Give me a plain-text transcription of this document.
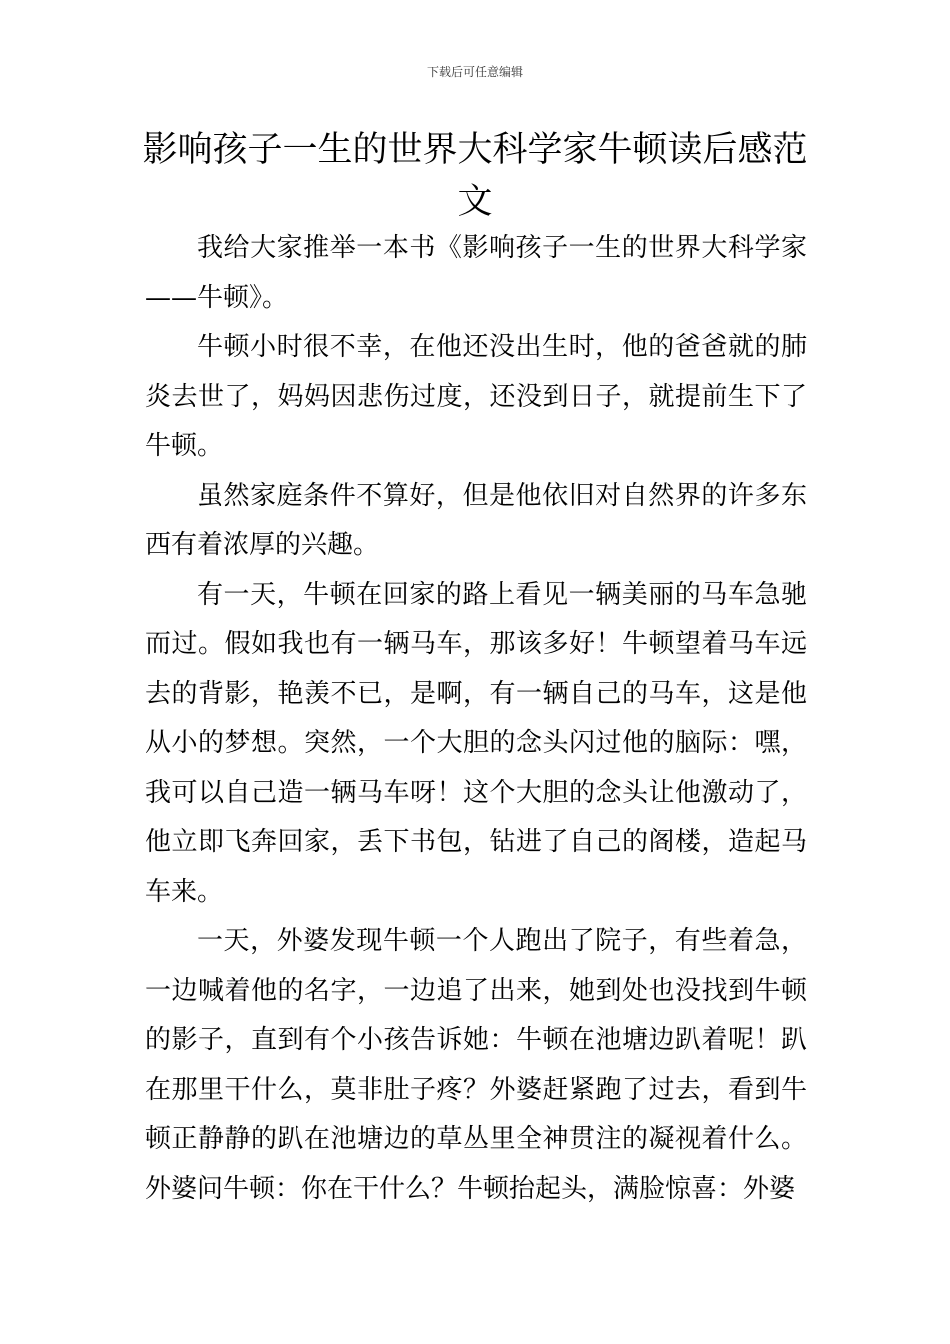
下载后可任意编辑
影响孩子一生的世界大科学家牛顿读后感范文

我给大家推举一本书《影响孩子一生的世界大科学家——牛顿》。

牛顿小时很不幸，在他还没出生时，他的爸爸就的肺炎去世了，妈妈因悲伤过度，还没到日子，就提前生下了牛顿。

虽然家庭条件不算好，但是他依旧对自然界的许多东西有着浓厚的兴趣。

有一天，牛顿在回家的路上看见一辆美丽的马车急驰而过。假如我也有一辆马车，那该多好！牛顿望着马车远去的背影，艳羡不已，是啊，有一辆自己的马车，这是他从小的梦想。突然，一个大胆的念头闪过他的脑际：嘿，我可以自己造一辆马车呀！这个大胆的念头让他激动了，他立即飞奔回家，丢下书包，钻进了自己的阁楼，造起马车来。

一天，外婆发现牛顿一个人跑出了院子，有些着急，一边喊着他的名字，一边追了出来，她到处也没找到牛顿的影子，直到有个小孩告诉她：牛顿在池塘边趴着呢！趴在那里干什么，莫非肚子疼？外婆赶紧跑了过去，看到牛顿正静静的趴在池塘边的草丛里全神贯注的凝视着什么。外婆问牛顿：你在干什么？牛顿抬起头，满脸惊喜：外婆
